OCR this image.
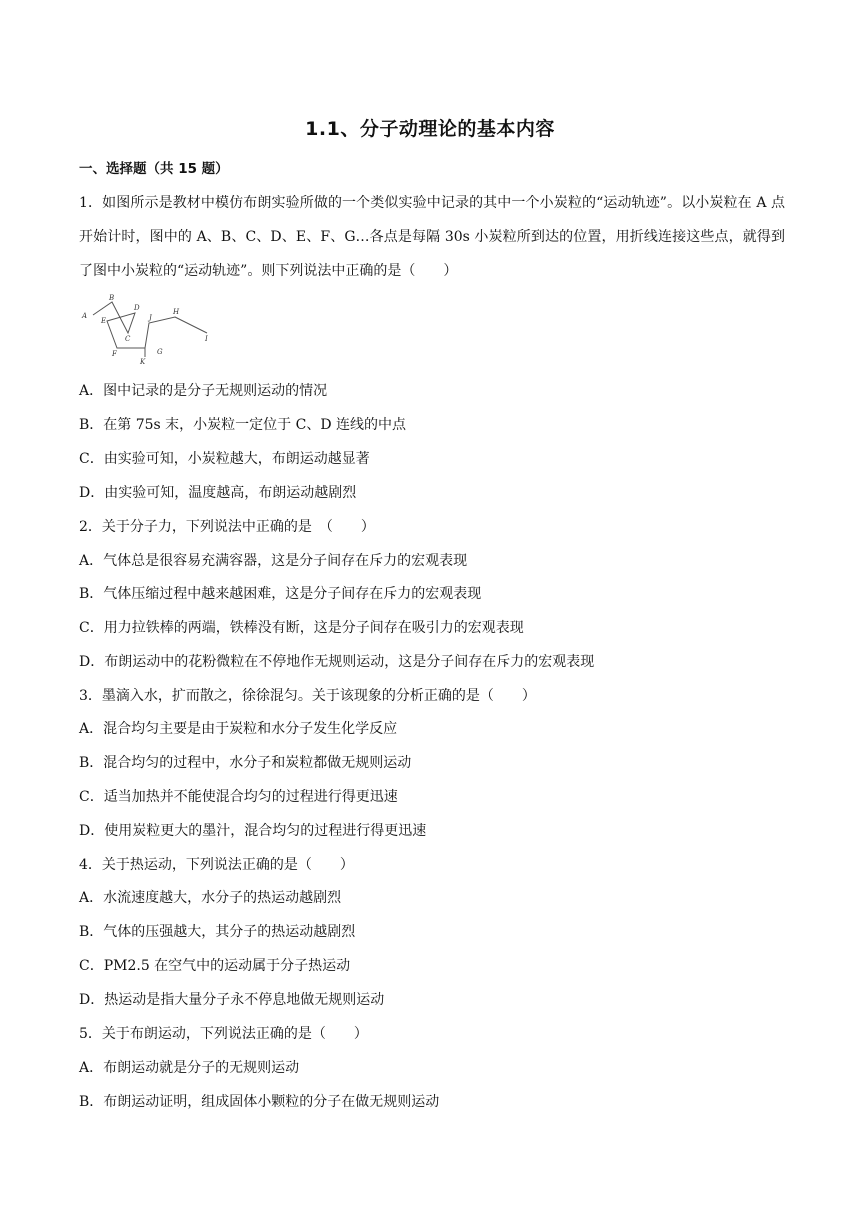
1.1、分子动理论的基本内容
一、选择题（共 15 题）
1．如图所示是教材中模仿布朗实验所做的一个类似实验中记录的其中一个小炭粒的“运动轨迹”。以小炭粒在 A 点开始计时，图中的 A、B、C、D、E、F、G…各点是每隔 30s 小炭粒所到达的位置，用折线连接这些点，就得到了图中小炭粒的“运动轨迹”。则下列说法中正确的是（　　）
A
B
C
D
E
F	G
H
I
J
K
A．图中记录的是分子无规则运动的情况
B．在第 75s 末，小炭粒一定位于 C、D 连线的中点
C．由实验可知，小炭粒越大，布朗运动越显著
D．由实验可知，温度越高，布朗运动越剧烈
2．关于分子力，下列说法中正确的是　（　　）
A．气体总是很容易充满容器，这是分子间存在斥力的宏观表现
B．气体压缩过程中越来越困难，这是分子间存在斥力的宏观表现
C．用力拉铁棒的两端，铁棒没有断，这是分子间存在吸引力的宏观表现
D．布朗运动中的花粉微粒在不停地作无规则运动，这是分子间存在斥力的宏观表现
3．墨滴入水，扩而散之，徐徐混匀。关于该现象的分析正确的是（　　）
A．混合均匀主要是由于炭粒和水分子发生化学反应
B．混合均匀的过程中，水分子和炭粒都做无规则运动
C．适当加热并不能使混合均匀的过程进行得更迅速
D．使用炭粒更大的墨汁，混合均匀的过程进行得更迅速
4．关于热运动，下列说法正确的是（　　）
A．水流速度越大，水分子的热运动越剧烈
B．气体的压强越大，其分子的热运动越剧烈
C．PM2.5 在空气中的运动属于分子热运动
D．热运动是指大量分子永不停息地做无规则运动
5．关于布朗运动，下列说法正确的是（　　）
A．布朗运动就是分子的无规则运动
B．布朗运动证明，组成固体小颗粒的分子在做无规则运动
